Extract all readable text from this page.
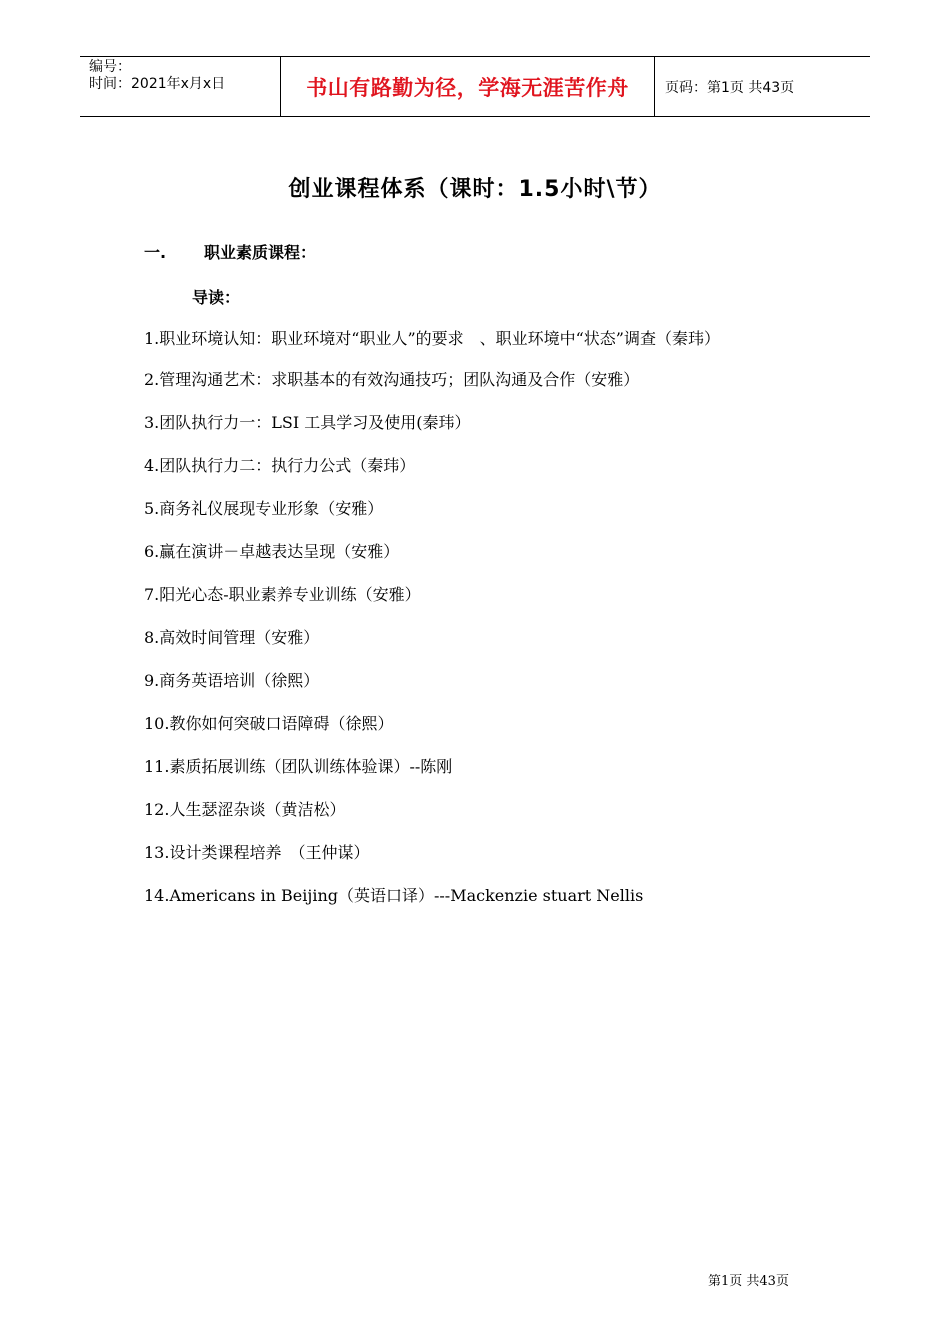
编号：
时间：2021年x月x日	书山有路勤为径，学海无涯苦作舟	页码：第1页 共43页
创业课程体系（课时：1.5小时\节）
一.	职业素质课程：
导读：
1.职业环境认知：职业环境对“职业人”的要求　、职业环境中“状态”调查（秦玮）
2.管理沟通艺术：求职基本的有效沟通技巧；团队沟通及合作（安雅）
3.团队执行力一：LSI 工具学习及使用(秦玮）
4.团队执行力二：执行力公式（秦玮）
5.商务礼仪展现专业形象（安雅）
6.赢在演讲－卓越表达呈现（安雅）
7.阳光心态-职业素养专业训练（安雅）
8.高效时间管理（安雅）
9.商务英语培训（徐熙）
10.教你如何突破口语障碍（徐熙）
11.素质拓展训练（团队训练体验课）--陈刚
12.人生瑟涩杂谈（黄洁松）
13.设计类课程培养　（王仲谋）
14.Americans in Beijing（英语口译）---Mackenzie stuart Nellis
第1页 共43页
